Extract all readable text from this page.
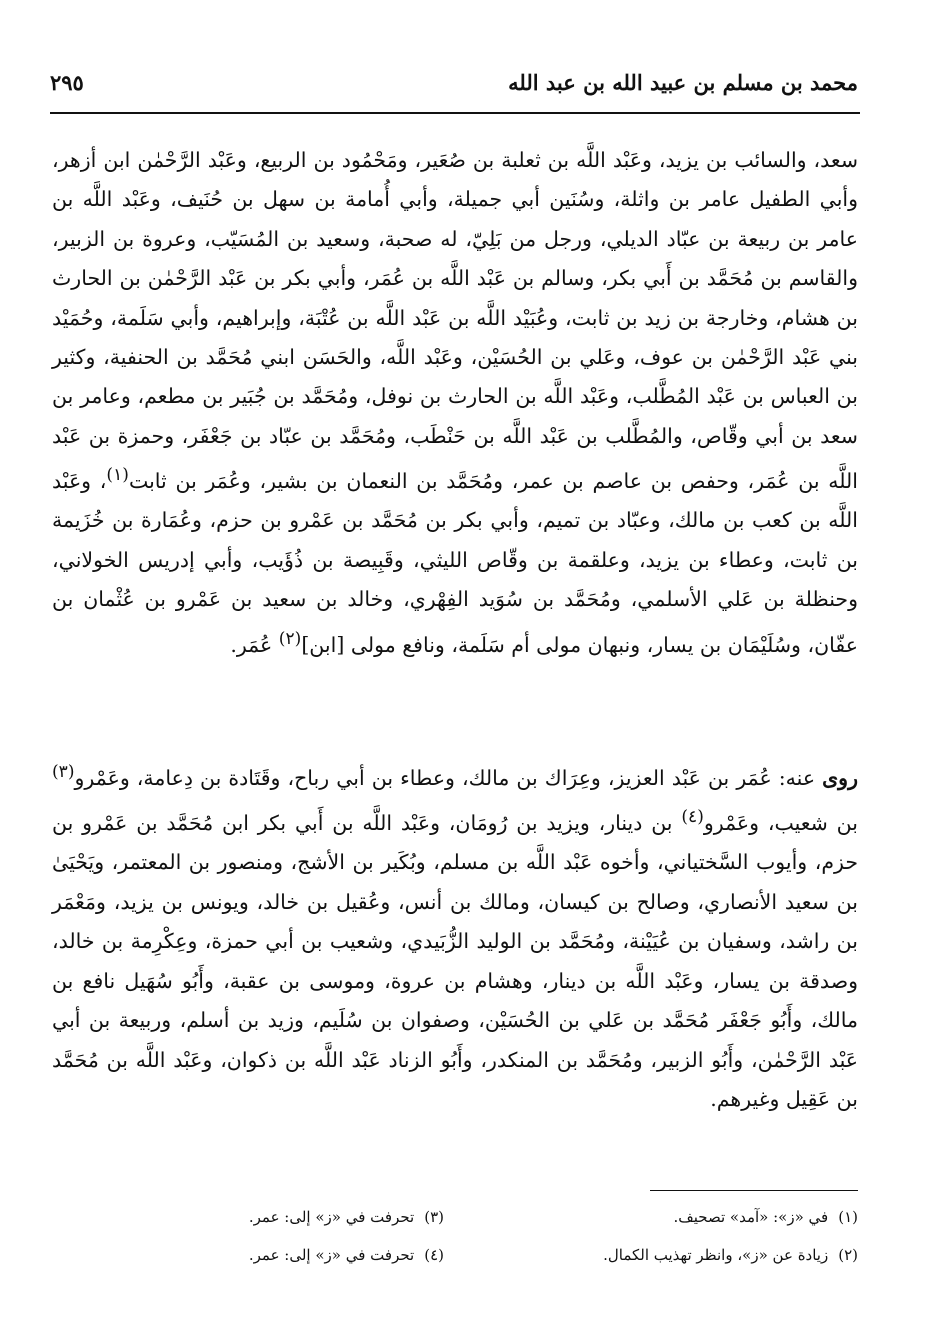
محمد بن مسلم بن عبيد الله بن عبد الله
٢٩٥
سعد، والسائب بن يزيد، وعَبْد اللَّه بن ثعلبة بن صُعَير، ومَحْمُود بن الربيع، وعَبْد الرَّحْمٰن ابن أزهر، وأبي الطفيل عامر بن واثلة، وسُنَين أبي جميلة، وأبي أُمامة بن سهل بن حُنَيف، وعَبْد اللَّه بن عامر بن ربيعة بن عبّاد الديلي، ورجل من بَلِيّ، له صحبة، وسعيد بن المُسَيّب، وعروة بن الزبير، والقاسم بن مُحَمَّد بن أَبي بكر، وسالم بن عَبْد اللَّه بن عُمَر، وأبي بكر بن عَبْد الرَّحْمٰن بن الحارث بن هشام، وخارجة بن زيد بن ثابت، وعُبَيْد اللَّه بن عَبْد اللَّه بن عُتْبَة، وإبراهيم، وأبي سَلَمة، وحُمَيْد بني عَبْد الرَّحْمٰن بن عوف، وعَلي بن الحُسَيْن، وعَبْد اللَّه، والحَسَن ابني مُحَمَّد بن الحنفية، وكثير بن العباس بن عَبْد المُطَّلب، وعَبْد اللَّه بن الحارث بن نوفل، ومُحَمَّد بن جُبَير بن مطعم، وعامر بن سعد بن أبي وقّاص، والمُطَّلب بن عَبْد اللَّه بن حَنْطَب، ومُحَمَّد بن عبّاد بن جَعْفَر، وحمزة بن عَبْد اللَّه بن عُمَر، وحفص بن عاصم بن عمر، ومُحَمَّد بن النعمان بن بشير، وعُمَر بن ثابت$^{(١)}$، وعَبْد اللَّه بن كعب بن مالك، وعبّاد بن تميم، وأبي بكر بن مُحَمَّد بن عَمْرو بن حزم، وعُمَارة بن خُزَيمة بن ثابت، وعطاء بن يزيد، وعلقمة بن وقّاص الليثي، وقَبِيصة بن ذُؤَيب، وأبي إدريس الخولاني، وحنظلة بن عَلي الأسلمي، ومُحَمَّد بن سُوَيد الفِهْري، وخالد بن سعيد بن عَمْرو بن عُثْمان بن عفّان، وسُلَيْمَان بن يسار، ونبهان مولى أم سَلَمة، ونافع مولى [ابن]$^{(٢)}$ عُمَر.
روى عنه: عُمَر بن عَبْد العزيز، وعِرَاك بن مالك، وعطاء بن أبي رباح، وقَتَادة بن دِعامة، وعَمْرو$^{(٣)}$ بن شعيب، وعَمْرو$^{(٤)}$ بن دينار، ويزيد بن رُومَان، وعَبْد اللَّه بن أَبي بكر ابن مُحَمَّد بن عَمْرو بن حزم، وأيوب السَّختياني، وأخوه عَبْد اللَّه بن مسلم، وبُكَير بن الأشج، ومنصور بن المعتمر، ويَحْيَىٰ بن سعيد الأنصاري، وصالح بن كيسان، ومالك بن أنس، وعُقيل بن خالد، ويونس بن يزيد، ومَعْمَر بن راشد، وسفيان بن عُيَيْنة، ومُحَمَّد بن الوليد الزُّبَيدي، وشعيب بن أبي حمزة، وعِكْرِمة بن خالد، وصدقة بن يسار، وعَبْد اللَّه بن دينار، وهشام بن عروة، وموسى بن عقبة، وأَبُو سُهَيل نافع بن مالك، وأَبُو جَعْفَر مُحَمَّد بن عَلي بن الحُسَيْن، وصفوان بن سُلَيم، وزيد بن أسلم، وربيعة بن أبي عَبْد الرَّحْمٰن، وأَبُو الزبير، ومُحَمَّد بن المنكدر، وأَبُو الزناد عَبْد اللَّه بن ذكوان، وعَبْد اللَّه بن مُحَمَّد بن عَقِيل وغيرهم.
(١)في «ز»: «آمد» تصحيف.
(٢)زيادة عن «ز»، وانظر تهذيب الكمال.
(٣)تحرفت في «ز» إلى: عمر.
(٤)تحرفت في «ز» إلى: عمر.
